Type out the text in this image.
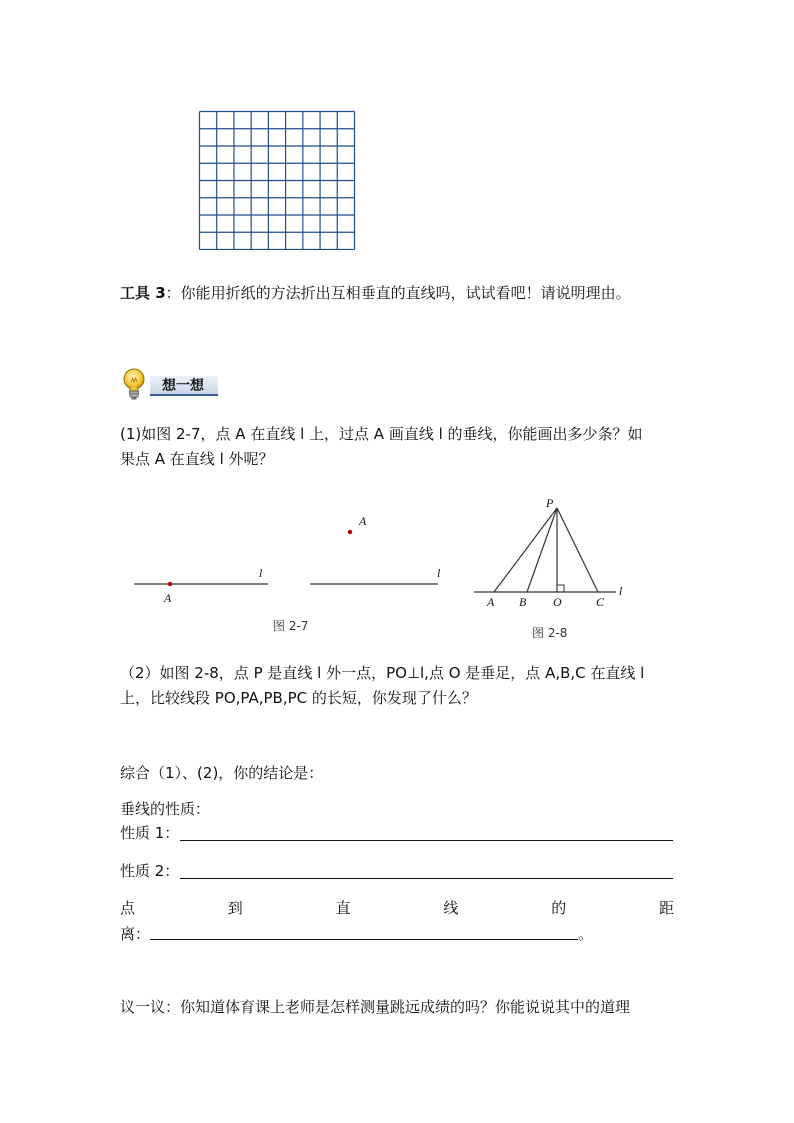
工具 3：你能用折纸的方法折出互相垂直的直线吗，试试看吧！请说明理由。
想一想
(1)如图 2-7，点 A 在直线 l 上，过点 A 画直线 l 的垂线，你能画出多少条？如
果点 A 在直线 l 外呢？
A
l
A
l
图 2-7
P
A B O	C
l
图 2-8
（2）如图 2-8，点 P 是直线 l 外一点，PO⊥l,点 O 是垂足，点 A,B,C 在直线 l
上，比较线段 PO,PA,PB,PC 的长短，你发现了什么？
综合（1）、(2)，你的结论是：
垂线的性质：
性质 1：
性质 2：
点	到	直	线	的	距
离：	。
议一议：你知道体育课上老师是怎样测量跳远成绩的吗？你能说说其中的道理
